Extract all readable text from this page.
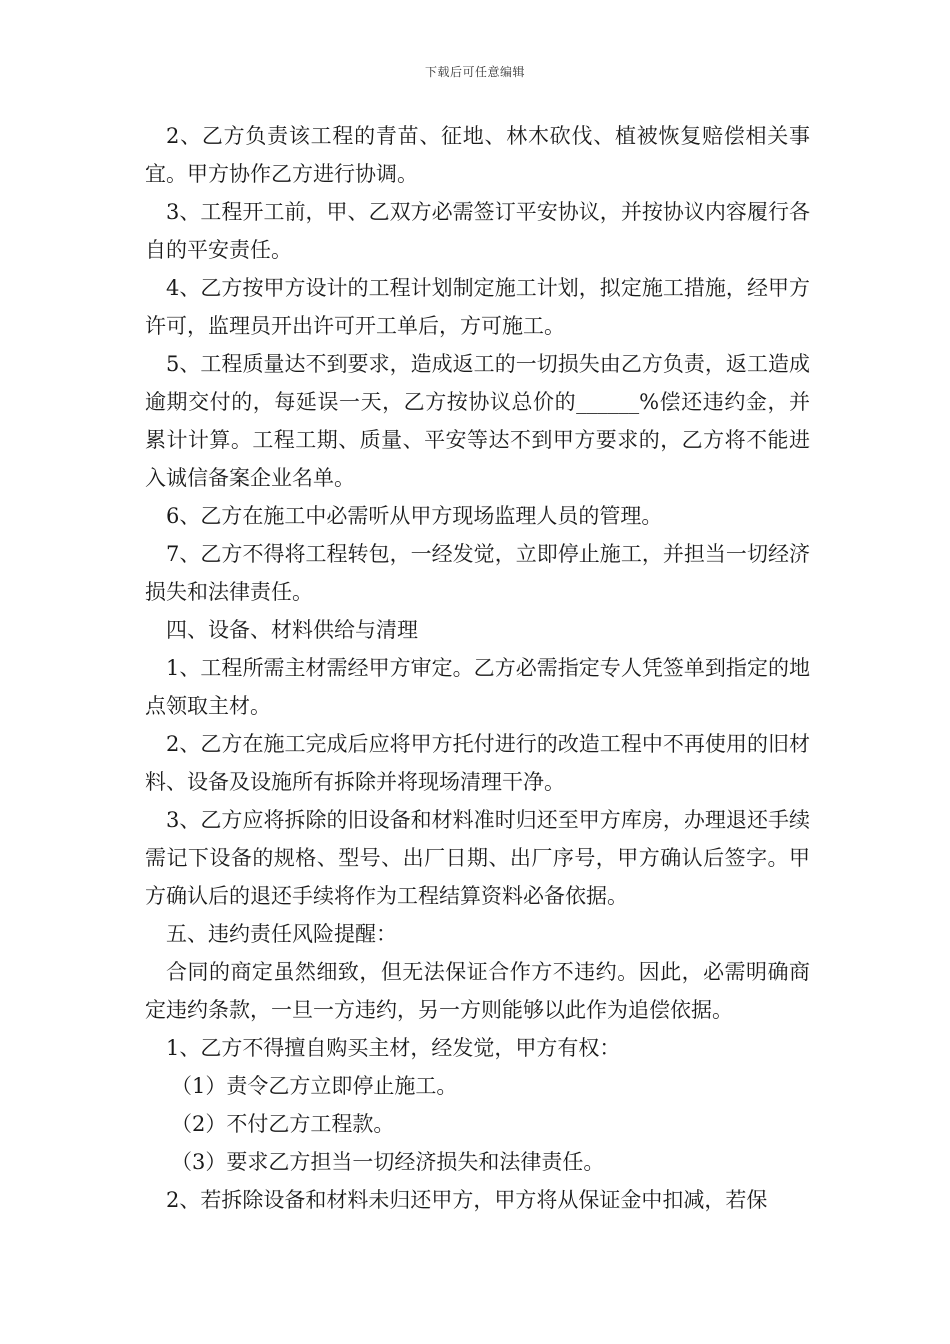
下载后可任意编辑

2、乙方负责该工程的青苗、征地、林木砍伐、植被恢复赔偿相关事宜。甲方协作乙方进行协调。

3、工程开工前，甲、乙双方必需签订平安协议，并按协议内容履行各自的平安责任。

4、乙方按甲方设计的工程计划制定施工计划，拟定施工措施，经甲方许可，监理员开出许可开工单后，方可施工。

5、工程质量达不到要求，造成返工的一切损失由乙方负责，返工造成逾期交付的，每延误一天，乙方按协议总价的______%偿还违约金，并累计计算。工程工期、质量、平安等达不到甲方要求的，乙方将不能进入诚信备案企业名单。

6、乙方在施工中必需听从甲方现场监理人员的管理。

7、乙方不得将工程转包，一经发觉，立即停止施工，并担当一切经济损失和法律责任。

四、设备、材料供给与清理

1、工程所需主材需经甲方审定。乙方必需指定专人凭签单到指定的地点领取主材。

2、乙方在施工完成后应将甲方托付进行的改造工程中不再使用的旧材料、设备及设施所有拆除并将现场清理干净。

3、乙方应将拆除的旧设备和材料准时归还至甲方库房，办理退还手续需记下设备的规格、型号、出厂日期、出厂序号，甲方确认后签字。甲方确认后的退还手续将作为工程结算资料必备依据。

五、违约责任风险提醒：

合同的商定虽然细致，但无法保证合作方不违约。因此，必需明确商定违约条款，一旦一方违约，另一方则能够以此作为追偿依据。

1、乙方不得擅自购买主材，经发觉，甲方有权：

（1）责令乙方立即停止施工。

（2）不付乙方工程款。

（3）要求乙方担当一切经济损失和法律责任。

2、若拆除设备和材料未归还甲方，甲方将从保证金中扣减，若保
